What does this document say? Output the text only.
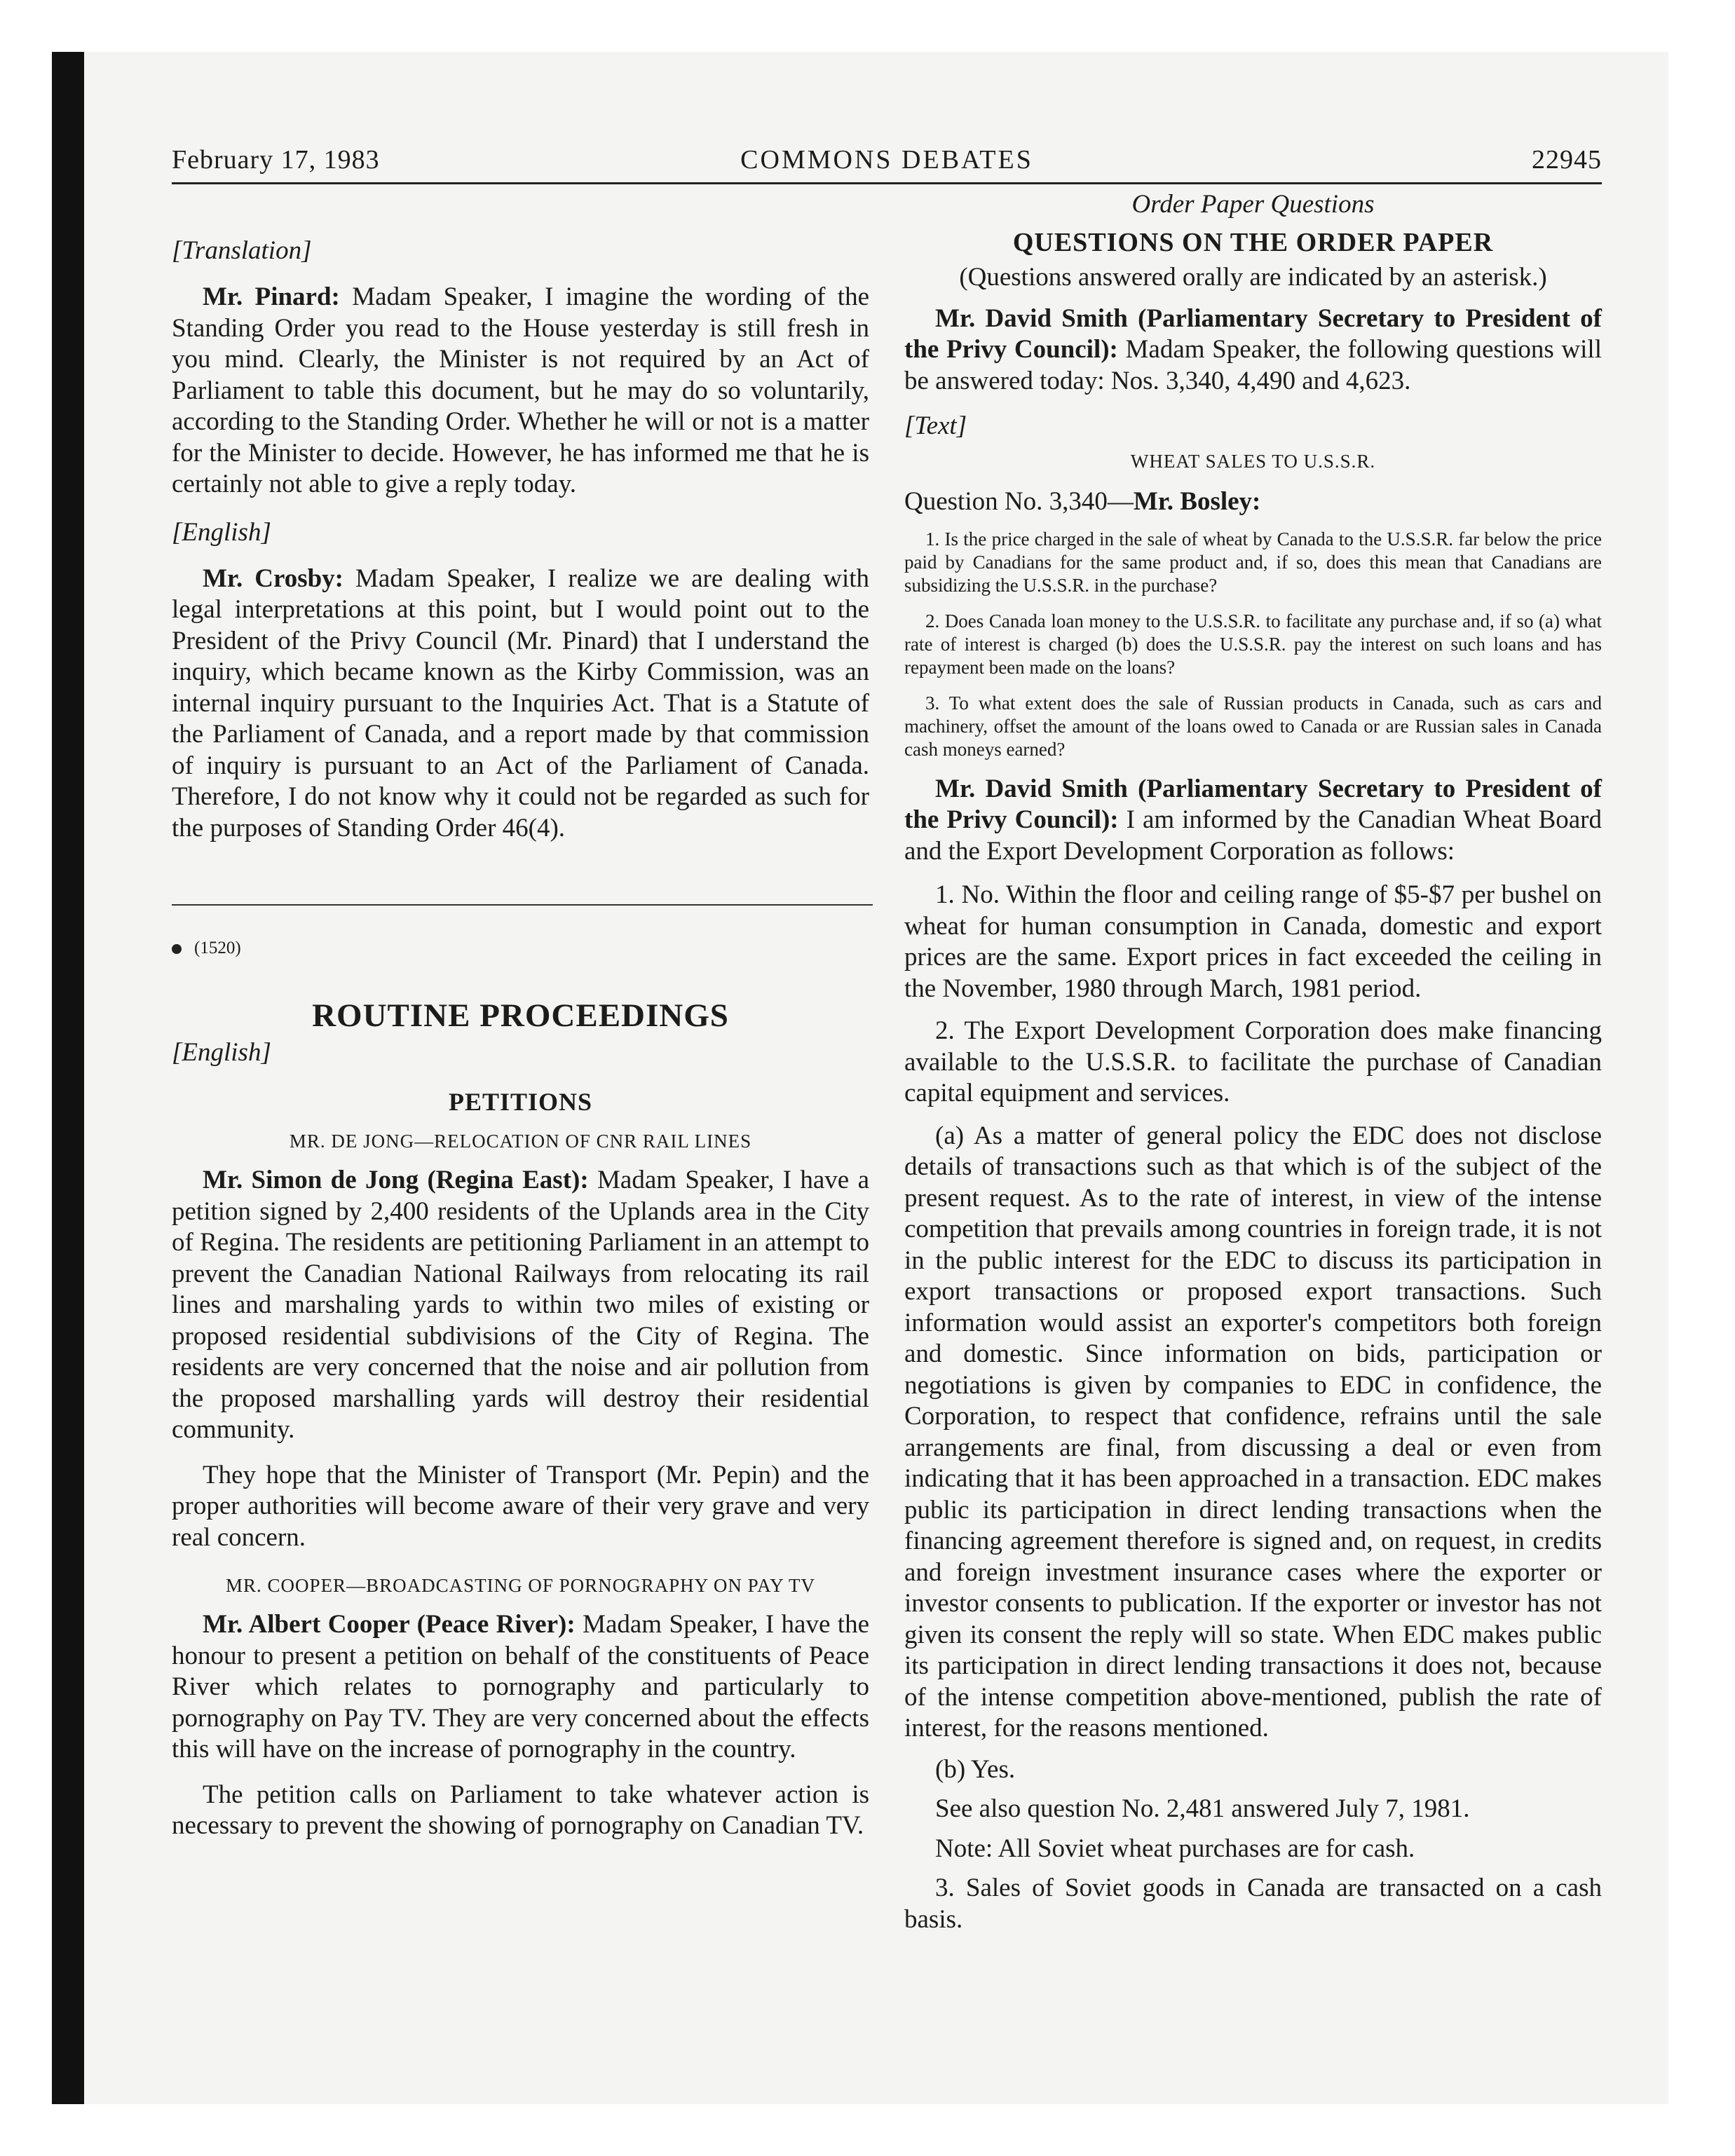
February 17, 1983	COMMONS DEBATES	22945
[Translation]

Mr. Pinard: Madam Speaker, I imagine the wording of the Standing Order you read to the House yesterday is still fresh in you mind. Clearly, the Minister is not required by an Act of Parliament to table this document, but he may do so voluntarily, according to the Standing Order. Whether he will or not is a matter for the Minister to decide. However, he has informed me that he is certainly not able to give a reply today.

[English]

Mr. Crosby: Madam Speaker, I realize we are dealing with legal interpretations at this point, but I would point out to the President of the Privy Council (Mr. Pinard) that I understand the inquiry, which became known as the Kirby Commission, was an internal inquiry pursuant to the Inquiries Act. That is a Statute of the Parliament of Canada, and a report made by that commission of inquiry is pursuant to an Act of the Parliament of Canada. Therefore, I do not know why it could not be regarded as such for the purposes of Standing Order 46(4).

(1520)
ROUTINE PROCEEDINGS
[English]
PETITIONS
MR. DE JONG—RELOCATION OF CNR RAIL LINES

Mr. Simon de Jong (Regina East): Madam Speaker, I have a petition signed by 2,400 residents of the Uplands area in the City of Regina. The residents are petitioning Parliament in an attempt to prevent the Canadian National Railways from relocating its rail lines and marshaling yards to within two miles of existing or proposed residential subdivisions of the City of Regina. The residents are very concerned that the noise and air pollution from the proposed marshalling yards will destroy their residential community.

They hope that the Minister of Transport (Mr. Pepin) and the proper authorities will become aware of their very grave and very real concern.

MR. COOPER—BROADCASTING OF PORNOGRAPHY ON PAY TV

Mr. Albert Cooper (Peace River): Madam Speaker, I have the honour to present a petition on behalf of the constituents of Peace River which relates to pornography and particularly to pornography on Pay TV. They are very concerned about the effects this will have on the increase of pornography in the country.

The petition calls on Parliament to take whatever action is necessary to prevent the showing of pornography on Canadian TV.

Order Paper Questions
QUESTIONS ON THE ORDER PAPER

(Questions answered orally are indicated by an asterisk.)

Mr. David Smith (Parliamentary Secretary to President of the Privy Council): Madam Speaker, the following questions will be answered today: Nos. 3,340, 4,490 and 4,623.

[Text]
WHEAT SALES TO U.S.S.R.

Question No. 3,340—Mr. Bosley:

1. Is the price charged in the sale of wheat by Canada to the U.S.S.R. far below the price paid by Canadians for the same product and, if so, does this mean that Canadians are subsidizing the U.S.S.R. in the purchase?

2. Does Canada loan money to the U.S.S.R. to facilitate any purchase and, if so (a) what rate of interest is charged (b) does the U.S.S.R. pay the interest on such loans and has repayment been made on the loans?

3. To what extent does the sale of Russian products in Canada, such as cars and machinery, offset the amount of the loans owed to Canada or are Russian sales in Canada cash moneys earned?

Mr. David Smith (Parliamentary Secretary to President of the Privy Council): I am informed by the Canadian Wheat Board and the Export Development Corporation as follows:

1. No. Within the floor and ceiling range of $5-$7 per bushel on wheat for human consumption in Canada, domestic and export prices are the same. Export prices in fact exceeded the ceiling in the November, 1980 through March, 1981 period.

2. The Export Development Corporation does make financing available to the U.S.S.R. to facilitate the purchase of Canadian capital equipment and services.

(a) As a matter of general policy the EDC does not disclose details of transactions such as that which is of the subject of the present request. As to the rate of interest, in view of the intense competition that prevails among countries in foreign trade, it is not in the public interest for the EDC to discuss its participation in export transactions or proposed export transactions. Such information would assist an exporter's competitors both foreign and domestic. Since information on bids, participation or negotiations is given by companies to EDC in confidence, the Corporation, to respect that confidence, refrains until the sale arrangements are final, from discussing a deal or even from indicating that it has been approached in a transaction. EDC makes public its participation in direct lending transactions when the financing agreement therefore is signed and, on request, in credits and foreign investment insurance cases where the exporter or investor consents to publication. If the exporter or investor has not given its consent the reply will so state. When EDC makes public its participation in direct lending transactions it does not, because of the intense competition above-mentioned, publish the rate of interest, for the reasons mentioned.

(b) Yes.

See also question No. 2,481 answered July 7, 1981.

Note: All Soviet wheat purchases are for cash.

3. Sales of Soviet goods in Canada are transacted on a cash basis.
